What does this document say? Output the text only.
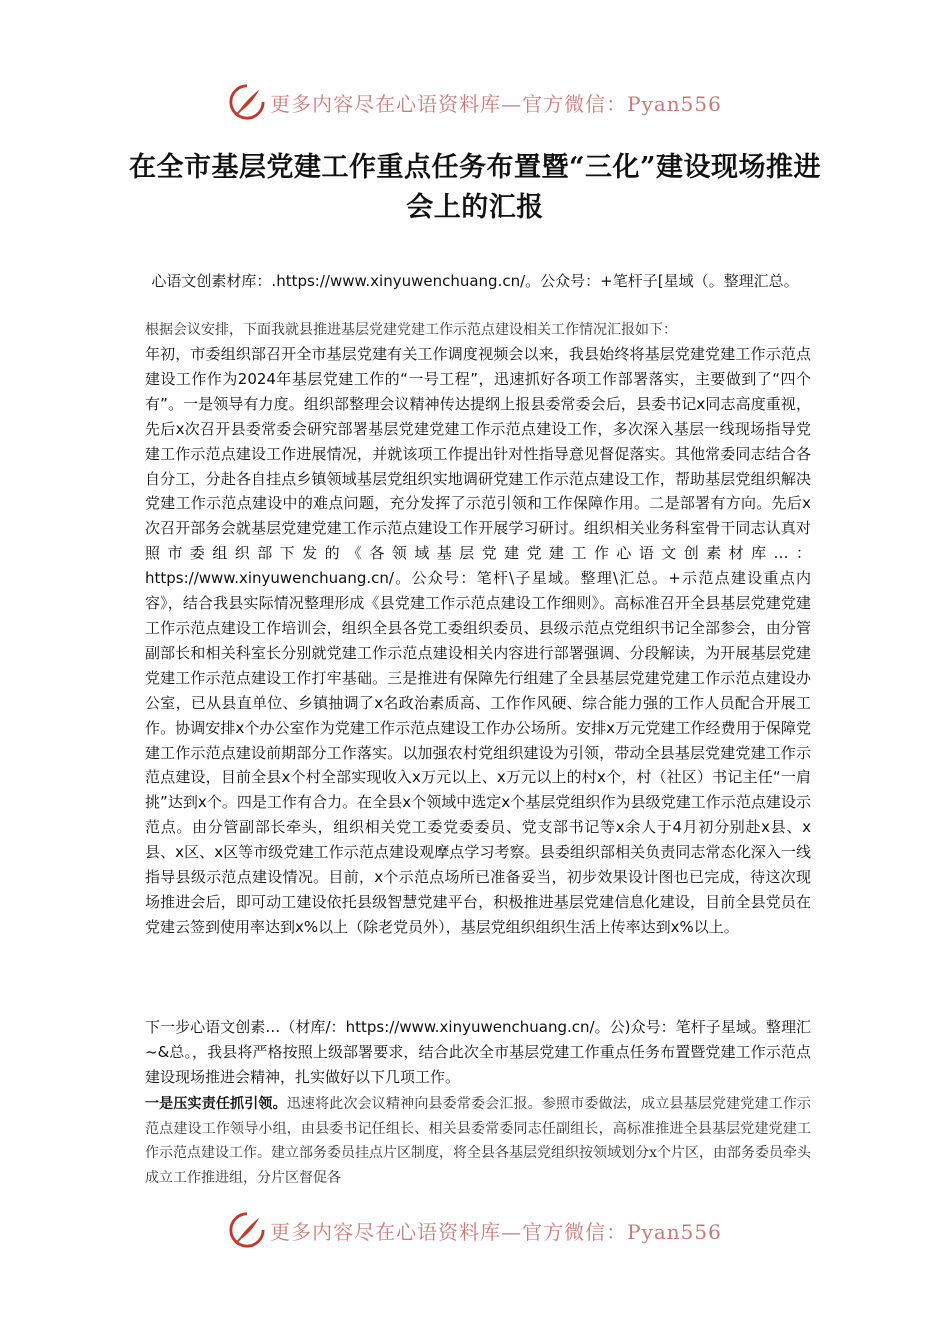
更多内容尽在心语资料库—官方微信：Pyan556
在全市基层党建工作重点任务布置暨“三化”建设现场推进会上的汇报

心语文创素材库：.https://www.xinyuwenchuang.cn/。公众号：+笔杆子[星域（。整理汇总。

根据会议安排，下面我就县推进基层党建党建工作示范点建设相关工作情况汇报如下：

年初，市委组织部召开全市基层党建有关工作调度视频会以来，我县始终将基层党建党建工作示范点建设工作作为2024年基层党建工作的“一号工程”，迅速抓好各项工作部署落实，主要做到了“四个有”。一是领导有力度。组织部整理会议精神传达提纲上报县委常委会后，县委书记x同志高度重视，先后x次召开县委常委会研究部署基层党建党建工作示范点建设工作，多次深入基层一线现场指导党建工作示范点建设工作进展情况，并就该项工作提出针对性指导意见督促落实。其他常委同志结合各自分工，分赴各自挂点乡镇领域基层党组织实地调研党建工作示范点建设工作，帮助基层党组织解决党建工作示范点建设中的难点问题，充分发挥了示范引领和工作保障作用。二是部署有方向。先后x次召开部务会就基层党建党建工作示范点建设工作开展学习研讨。组织相关业务科室骨干同志认真对照市委组织部下发的《各领域基层党建党建工作心语文创素材库…：https://www.xinyuwenchuang.cn/。公众号：笔杆\子星域。整理\汇总。+示范点建设重点内容》，结合我县实际情况整理形成《县党建工作示范点建设工作细则》。高标准召开全县基层党建党建工作示范点建设工作培训会，组织全县各党工委组织委员、县级示范点党组织书记全部参会，由分管副部长和相关科室长分别就党建工作示范点建设相关内容进行部署强调、分段解读，为开展基层党建党建工作示范点建设工作打牢基础。三是推进有保障先行组建了全县基层党建党建工作示范点建设办公室，已从县直单位、乡镇抽调了x名政治素质高、工作作风硬、综合能力强的工作人员配合开展工作。协调安排x个办公室作为党建工作示范点建设工作办公场所。安排x万元党建工作经费用于保障党建工作示范点建设前期部分工作落实。以加强农村党组织建设为引领，带动全县基层党建党建工作示范点建设，目前全县x个村全部实现收入x万元以上、x万元以上的村x个，村（社区）书记主任“一肩挑”达到x个。四是工作有合力。在全县x个领域中选定x个基层党组织作为县级党建工作示范点建设示范点。由分管副部长牵头，组织相关党工委党委委员、党支部书记等x余人于4月初分别赴x县、x县、x区、x区等市级党建工作示范点建设观摩点学习考察。县委组织部相关负责同志常态化深入一线指导县级示范点建设情况。目前，x个示范点场所已准备妥当，初步效果设计图也已完成，待这次现场推进会后，即可动工建设依托县级智慧党建平台，积极推进基层党建信息化建设，目前全县党员在党建云签到使用率达到x%以上（除老党员外），基层党组织组织生活上传率达到x%以上。

下一步心语文创素…（材库/：https://www.xinyuwenchuang.cn/。公)众号：笔杆子星域。整理汇~&总。，我县将严格按照上级部署要求，结合此次全市基层党建工作重点任务布置暨党建工作示范点建设现场推进会精神，扎实做好以下几项工作。

一是压实责任抓引领。迅速将此次会议精神向县委常委会汇报。参照市委做法，成立县基层党建党建工作示范点建设工作领导小组，由县委书记任组长、相关县委常委同志任副组长，高标准推进全县基层党建党建工作示范点建设工作。建立部务委员挂点片区制度，将全县各基层党组织按领域划分x个片区，由部务委员牵头成立工作推进组，分片区督促各

更多内容尽在心语资料库—官方微信：Pyan556
